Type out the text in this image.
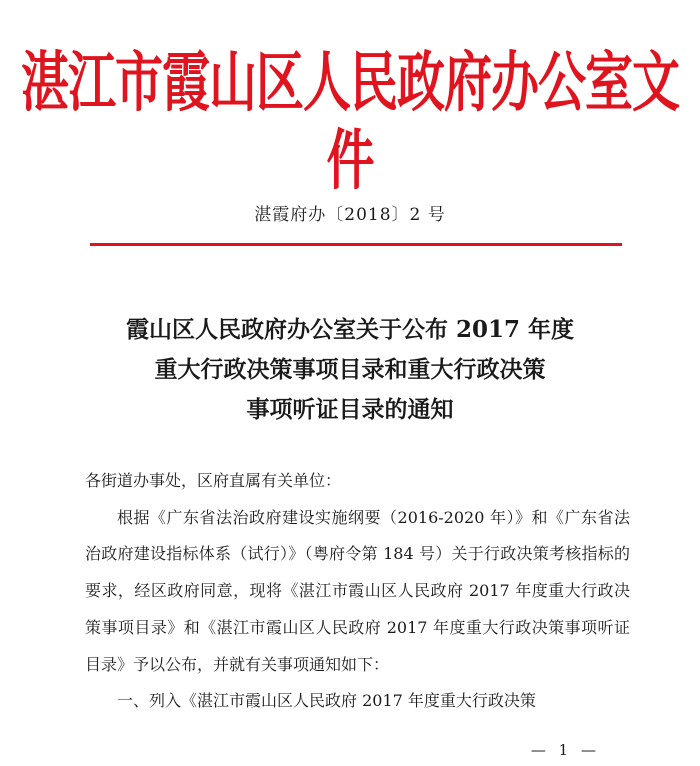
湛江市霞山区人民政府办公室文件
湛霞府办〔2018〕2 号
霞山区人民政府办公室关于公布 2017 年度
重大行政决策事项目录和重大行政决策
事项听证目录的通知

各街道办事处，区府直属有关单位：

根据《广东省法治政府建设实施纲要（2016-2020 年）》和《广东省法治政府建设指标体系（试行）》（粤府令第 184 号）关于行政决策考核指标的要求，经区政府同意，现将《湛江市霞山区人民政府 2017 年度重大行政决策事项目录》和《湛江市霞山区人民政府 2017 年度重大行政决策事项听证目录》予以公布，并就有关事项通知如下：

一、列入《湛江市霞山区人民政府 2017 年度重大行政决策

— 1 —
